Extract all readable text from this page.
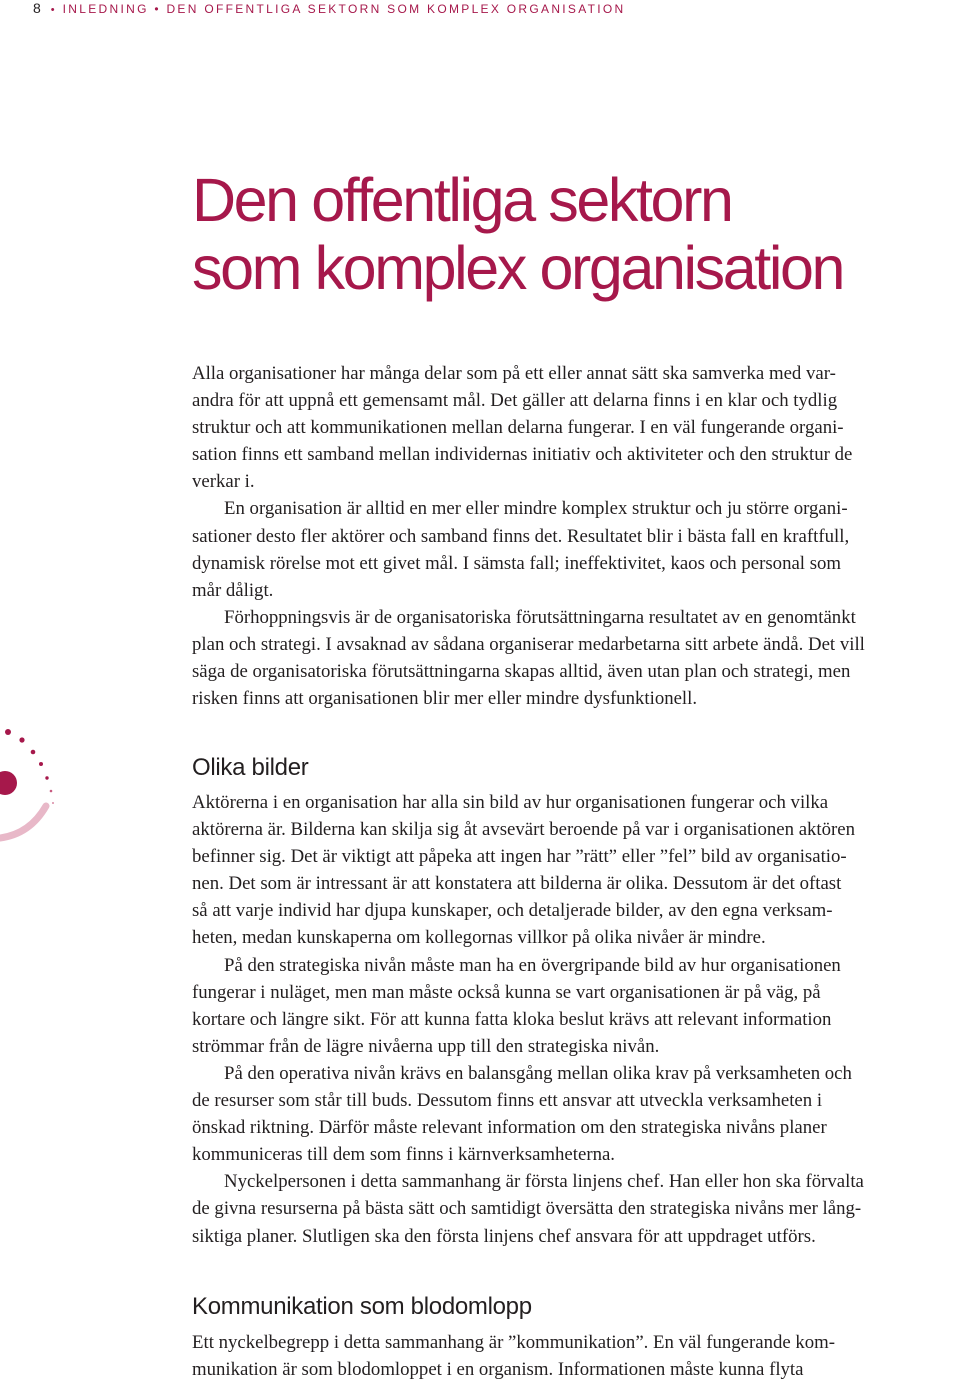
8 • INLEDNING • DEN OFFENTLIGA SEKTORN SOM KOMPLEX ORGANISATION
Den offentliga sektorn
som komplex organisation

Alla organisationer har många delar som på ett eller annat sätt ska samverka med var-
andra för att uppnå ett gemensamt mål. Det gäller att delarna finns i en klar och tydlig
struktur och att kommunikationen mellan delarna fungerar. I en väl fungerande organi-
sation finns ett samband mellan individernas initiativ och aktiviteter och den struktur de
verkar i.

En organisation är alltid en mer eller mindre komplex struktur och ju större organi-
sationer desto fler aktörer och samband finns det. Resultatet blir i bästa fall en kraftfull,
dynamisk rörelse mot ett givet mål. I sämsta fall; ineffektivitet, kaos och personal som
mår dåligt.

Förhoppningsvis är de organisatoriska förutsättningarna resultatet av en genomtänkt
plan och strategi. I avsaknad av sådana organiserar medarbetarna sitt arbete ändå. Det vill
säga de organisatoriska förutsättningarna skapas alltid, även utan plan och strategi, men
risken finns att organisationen blir mer eller mindre dysfunktionell.

Olika bilder

Aktörerna i en organisation har alla sin bild av hur organisationen fungerar och vilka
aktörerna är. Bilderna kan skilja sig åt avsevärt beroende på var i organisationen aktören
befinner sig. Det är viktigt att påpeka att ingen har ”rätt” eller ”fel” bild av organisatio-
nen. Det som är intressant är att konstatera att bilderna är olika. Dessutom är det oftast
så att varje individ har djupa kunskaper, och detaljerade bilder, av den egna verksam-
heten, medan kunskaperna om kollegornas villkor på olika nivåer är mindre.

På den strategiska nivån måste man ha en övergripande bild av hur organisationen
fungerar i nuläget, men man måste också kunna se vart organisationen är på väg, på
kortare och längre sikt. För att kunna fatta kloka beslut krävs att relevant information
strömmar från de lägre nivåerna upp till den strategiska nivån.

På den operativa nivån krävs en balansgång mellan olika krav på verksamheten och
de resurser som står till buds. Dessutom finns ett ansvar att utveckla verksamheten i
önskad riktning. Därför måste relevant information om den strategiska nivåns planer
kommuniceras till dem som finns i kärnverksamheterna.

Nyckelpersonen i detta sammanhang är första linjens chef. Han eller hon ska förvalta
de givna resurserna på bästa sätt och samtidigt översätta den strategiska nivåns mer lång-
siktiga planer. Slutligen ska den första linjens chef ansvara för att uppdraget utförs.

Kommunikation som blodomlopp

Ett nyckelbegrepp i detta sammanhang är ”kommunikation”. En väl fungerande kom-
munikation är som blodomloppet i en organism. Informationen måste kunna flyta
